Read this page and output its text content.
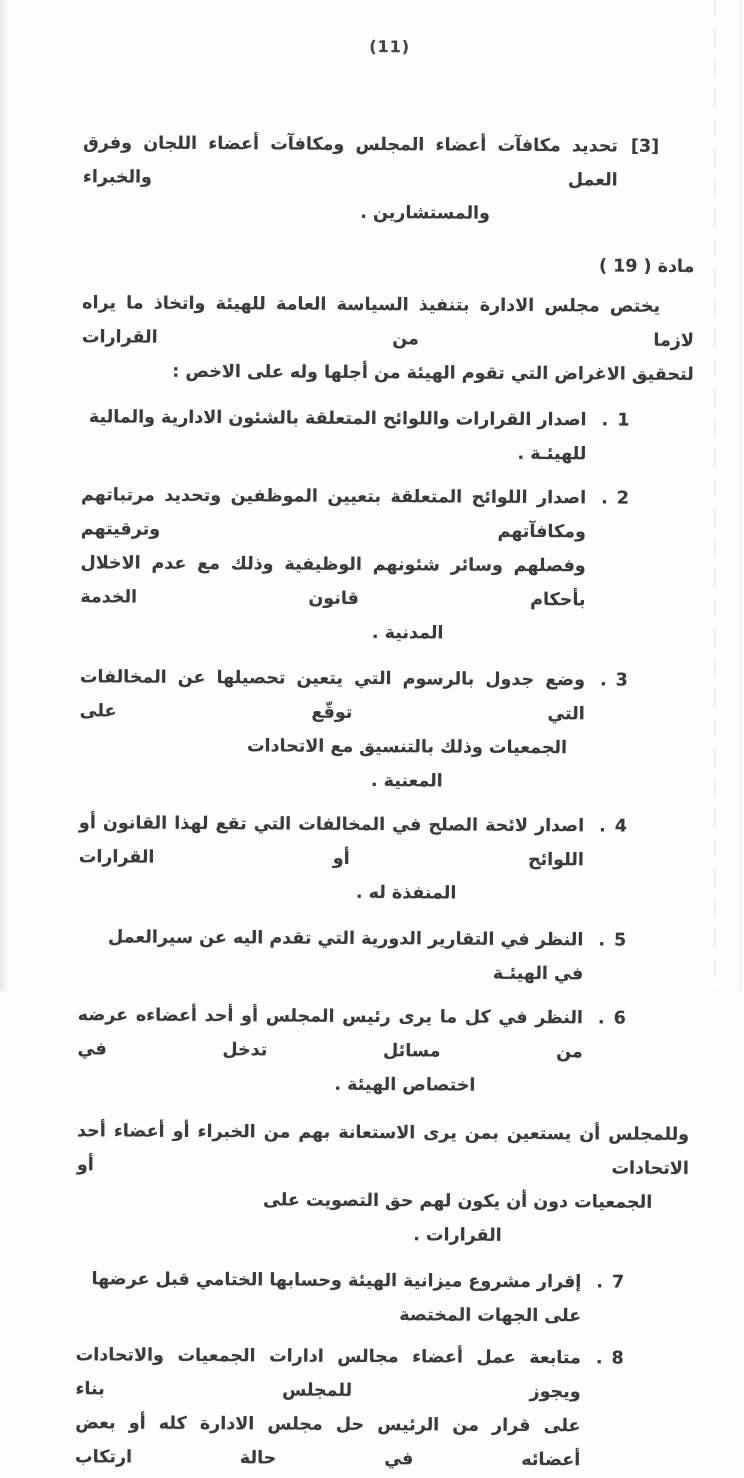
(11)
[3]
تحديد مكافآت أعضاء المجلس ومكافآت أعضاء اللجان وفرق العمل والخبراء
والمستشارين .
مادة ( 19 )
يختص مجلس الادارة بتنفيذ السياسة العامة للهيئة واتخاذ ما يراه لازما من القرارات
لتحقيق الاغراض التي تقوم الهيئة من أجلها وله على الاخص :
1
.
اصدار القرارات واللوائح المتعلقة بالشئون الادارية والمالية للهيئـة .
2
.
اصدار اللوائح المتعلقة بتعيين الموظفين وتحديد مرتباتهم ومكافآتهم وترقيتهم
وفصلهم وسائر شئونهم الوظيفية وذلك مع عدم الاخلال بأحكام قانون الخدمة
المدنية .
3
.
وضع جدول بالرسوم التي يتعين تحصيلها عن المخالفات التي توقّع على
الجمعيات وذلك بالتنسيق مع الاتحادات المعنية .
4
.
اصدار لائحة الصلح في المخالفات التي تقع لهذا القانون أو اللوائح أو القرارات
المنفذة له .
5
.
النظر في التقارير الدورية التي تقدم اليه عن سيرالعمل في الهيئـة
6
.
النظر في كل ما يرى رئيس المجلس أو أحد أعضاءه عرضه من مسائل تدخل في
اختصاص الهيئة .
وللمجلس أن يستعين بمن يرى الاستعانة بهم من الخبراء أو أعضاء أحد الاتحادات أو
الجمعيات دون أن يكون لهم حق التصويت على القرارات .
7
.
إقرار مشروع ميزانية الهيئة وحسابها الختامي قبل عرضها على الجهات المختصة
8
.
متابعة عمل أعضاء مجالس ادارات الجمعيات والاتحادات ويجوز للمجلس بناء
على قرار من الرئيس حل مجلس الادارة كله أو بعض أعضائه في حالة ارتكاب
